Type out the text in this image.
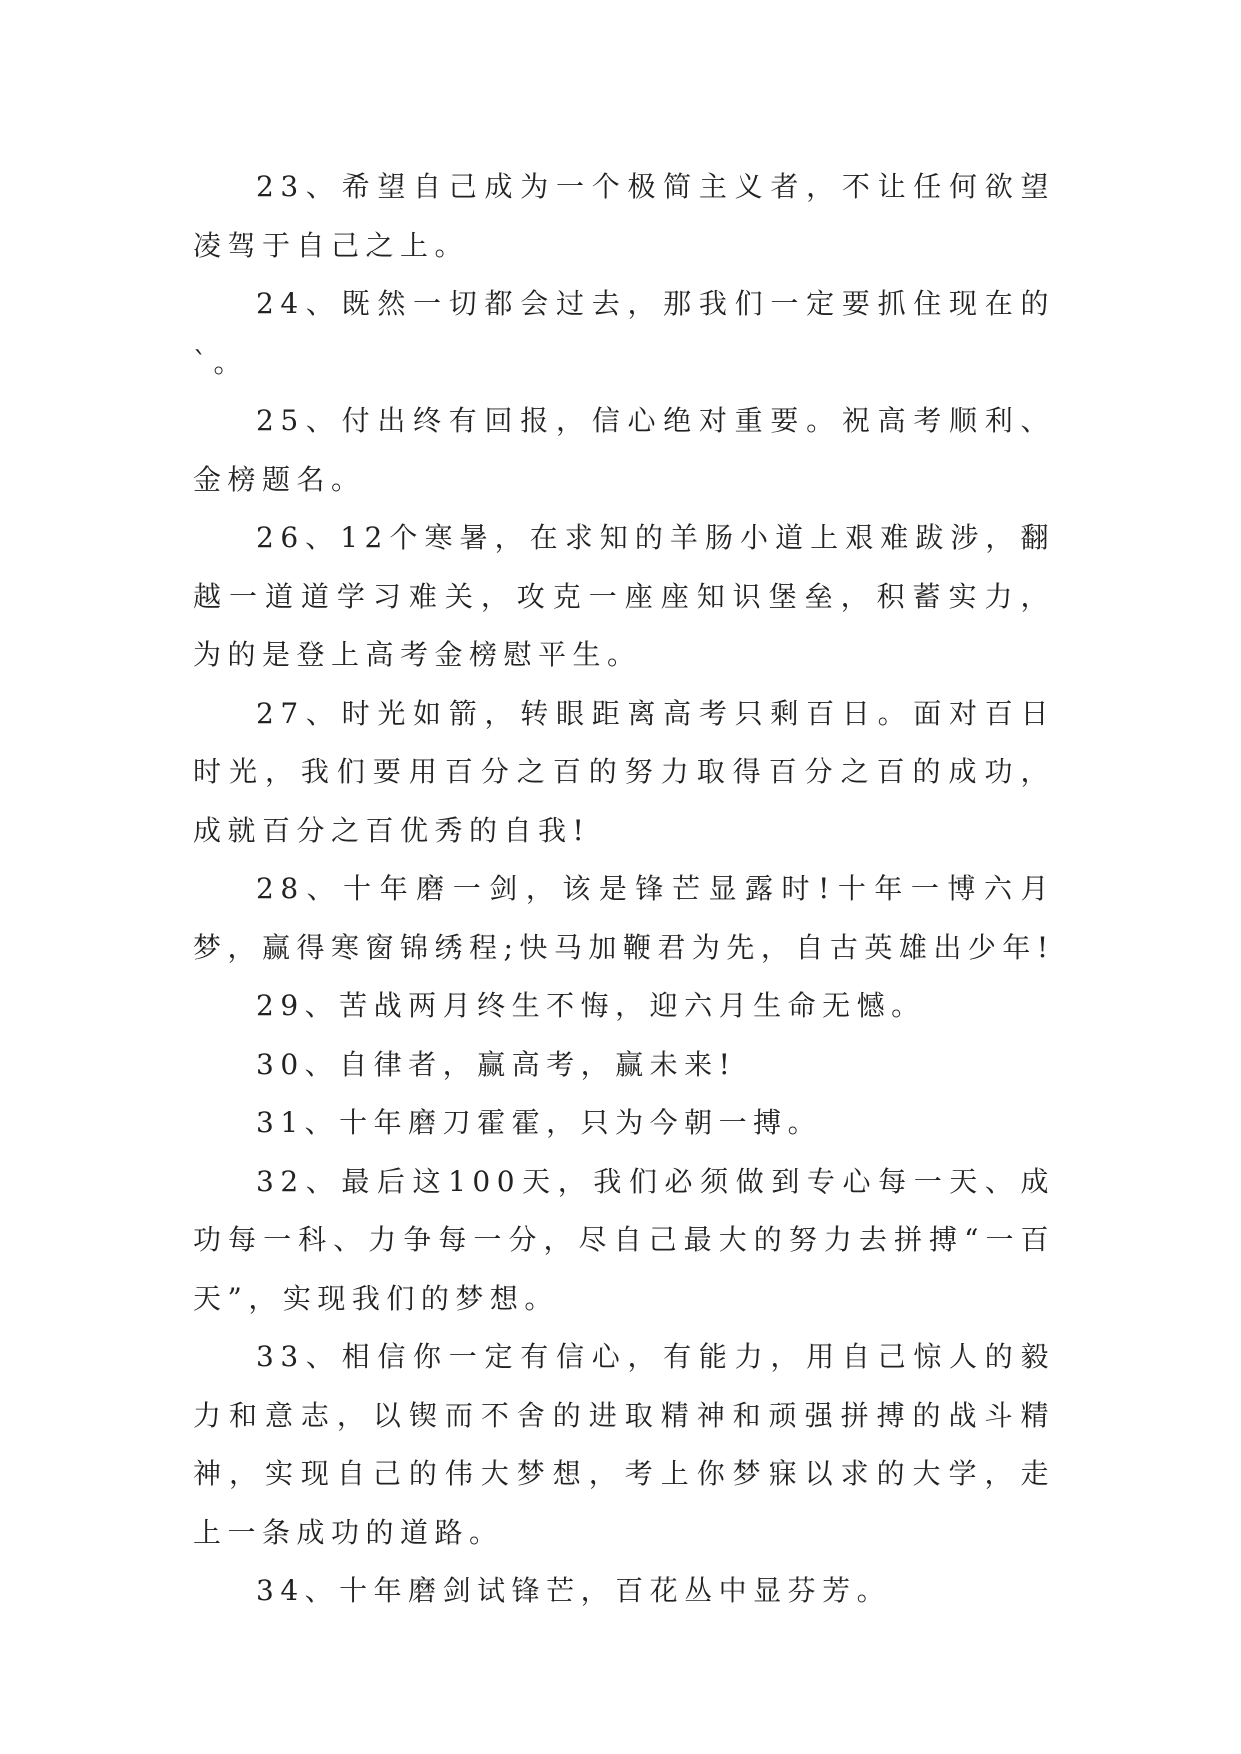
23、希望自己成为一个极简主义者，不让任何欲望凌驾于自己之上。

24、既然一切都会过去，那我们一定要抓住现在的`。

25、付出终有回报，信心绝对重要。祝高考顺利、金榜题名。

26、12个寒暑，在求知的羊肠小道上艰难跋涉，翻越一道道学习难关，攻克一座座知识堡垒，积蓄实力，为的是登上高考金榜慰平生。

27、时光如箭，转眼距离高考只剩百日。面对百日时光，我们要用百分之百的努力取得百分之百的成功，成就百分之百优秀的自我!

28、十年磨一剑，该是锋芒显露时!十年一博六月梦，赢得寒窗锦绣程;快马加鞭君为先，自古英雄出少年!

29、苦战两月终生不悔，迎六月生命无憾。

30、自律者，赢高考，赢未来!

31、十年磨刀霍霍，只为今朝一搏。

32、最后这100天，我们必须做到专心每一天、成功每一科、力争每一分，尽自己最大的努力去拼搏“一百天”，实现我们的梦想。

33、相信你一定有信心，有能力，用自己惊人的毅力和意志，以锲而不舍的进取精神和顽强拼搏的战斗精神，实现自己的伟大梦想，考上你梦寐以求的大学，走上一条成功的道路。

34、十年磨剑试锋芒，百花丛中显芬芳。
